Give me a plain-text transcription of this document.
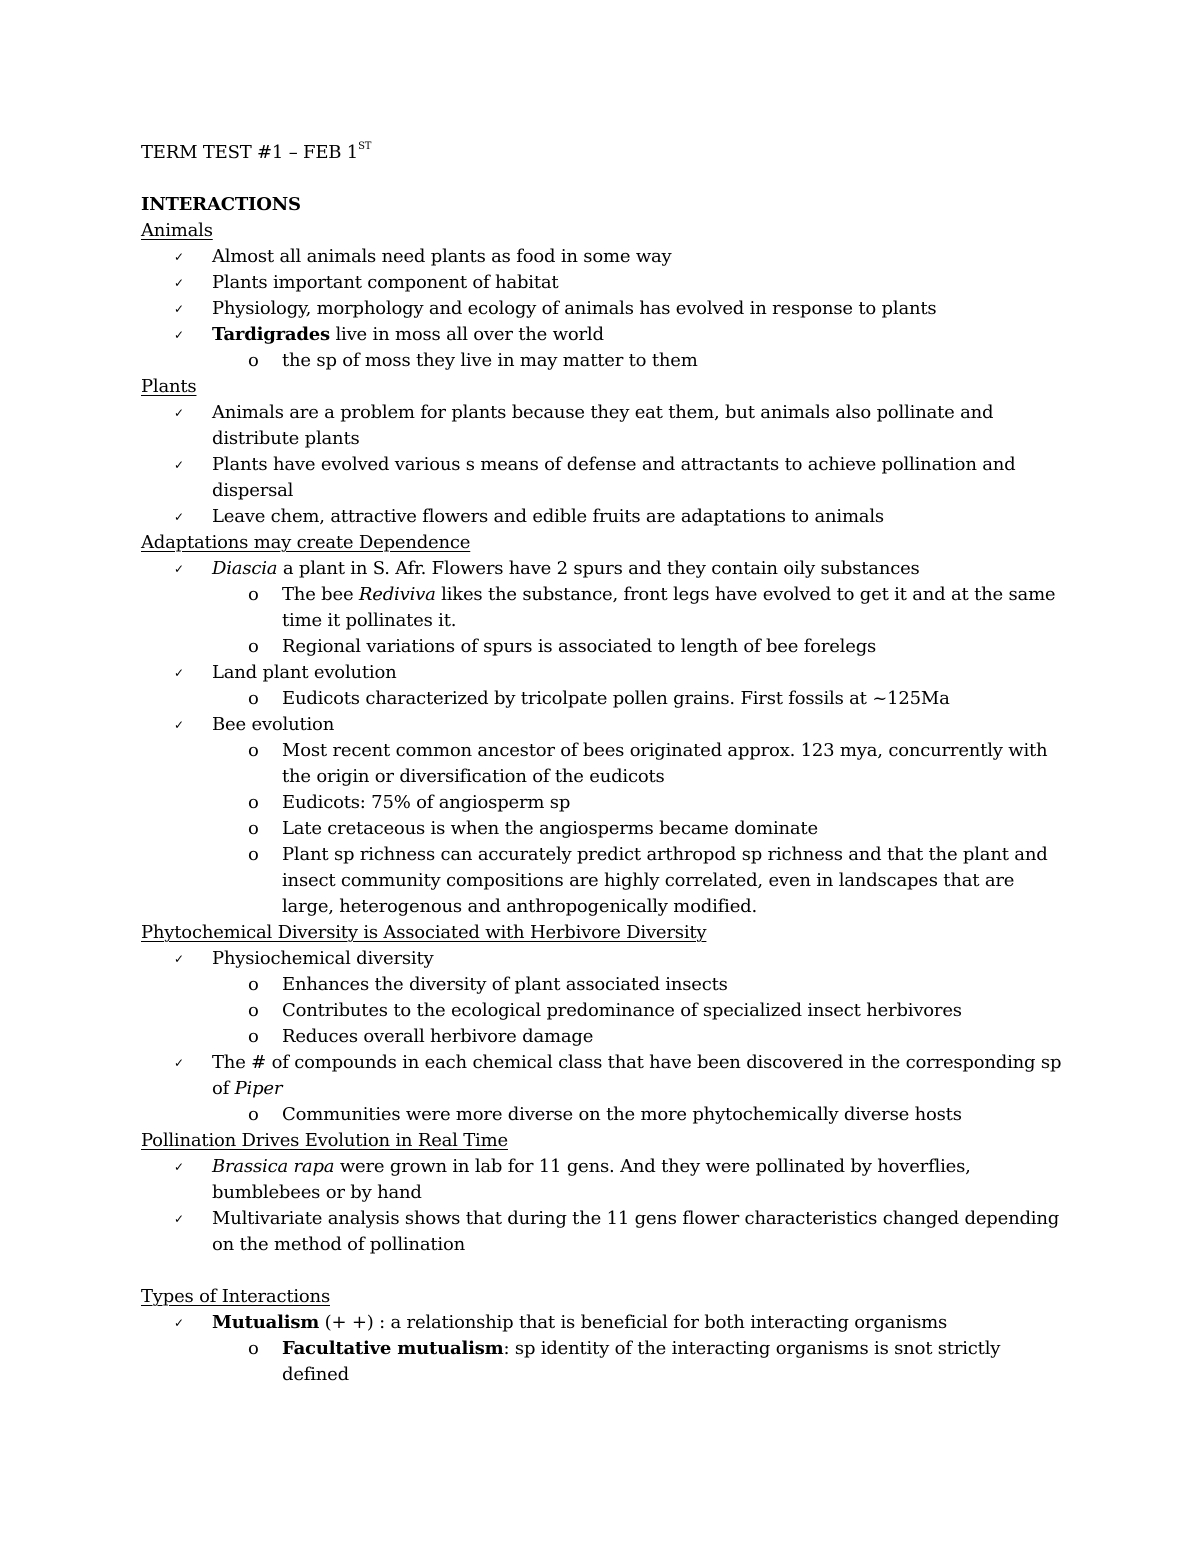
TERM TEST #1 – FEB 1ST
INTERACTIONS
Animals
✓ Almost all animals need plants as food in some way
✓ Plants important component of habitat
✓ Physiology, morphology and ecology of animals has evolved in response to plants
✓ Tardigrades live in moss all over the world
o	the sp of moss they live in may matter to them
Plants
✓ Animals are a problem for plants because they eat them, but animals also pollinate and distribute plants
✓ Plants have evolved various s means of defense and attractants to achieve pollination and dispersal
✓ Leave chem, attractive flowers and edible fruits are adaptations to animals
Adaptations may create Dependence
✓ Diascia a plant in S. Afr. Flowers have 2 spurs and they contain oily substances
o	The bee Rediviva likes the substance, front legs have evolved to get it and at the same time it pollinates it.
o	Regional variations of spurs is associated to length of bee forelegs
✓ Land plant evolution
o	Eudicots characterized by tricolpate pollen grains. First fossils at ~125Ma
✓ Bee evolution
o	Most recent common ancestor of bees originated approx. 123 mya, concurrently with the origin or diversification of the eudicots
o	Eudicots: 75% of angiosperm sp
o	Late cretaceous is when the angiosperms became dominate
o	Plant sp richness can accurately predict arthropod sp richness and that the plant and insect community compositions are highly correlated, even in landscapes that are large, heterogenous and anthropogenically modified.
Phytochemical Diversity is Associated with Herbivore Diversity
✓ Physiochemical diversity
o	Enhances the diversity of plant associated insects
o	Contributes to the ecological predominance of specialized insect herbivores
o	Reduces overall herbivore damage
✓ The # of compounds in each chemical class that have been discovered in the corresponding sp of Piper
o	Communities were more diverse on the more phytochemically diverse hosts
Pollination Drives Evolution in Real Time
✓ Brassica rapa were grown in lab for 11 gens. And they were pollinated by hoverflies, bumblebees or by hand
✓ Multivariate analysis shows that during the 11 gens flower characteristics changed depending on the method of pollination
Types of Interactions
✓ Mutualism (+ +) : a relationship that is beneficial for both interacting organisms
o	Facultative mutualism: sp identity of the interacting organisms is snot strictly defined
